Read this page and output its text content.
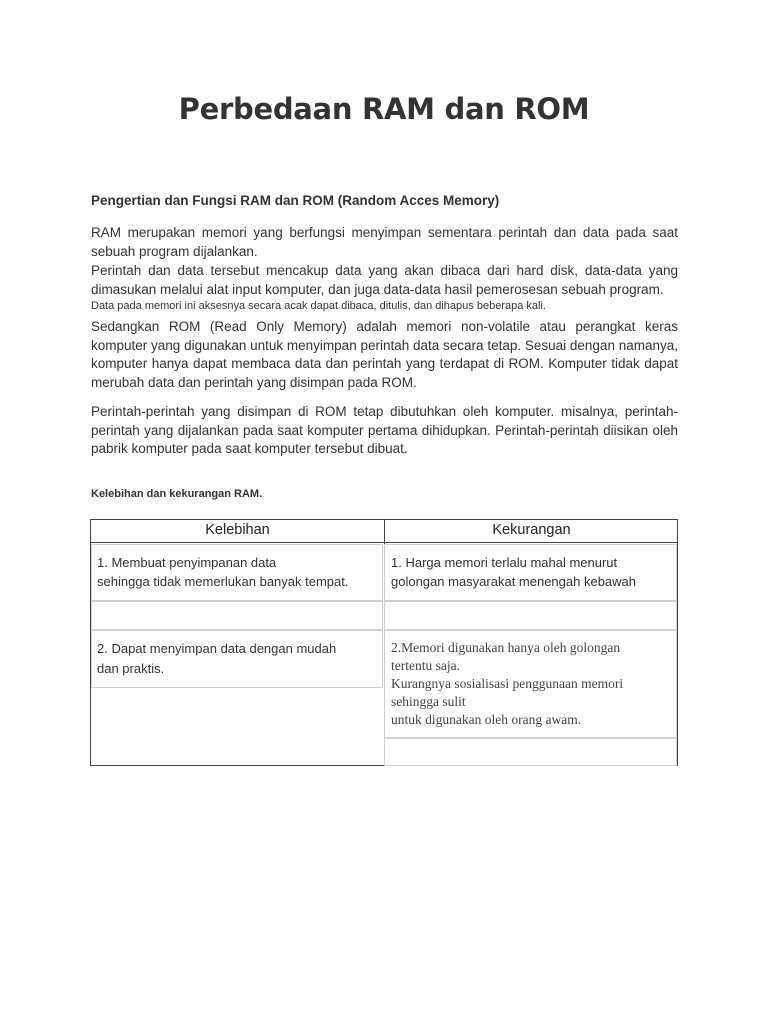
Perbedaan RAM dan ROM
Pengertian dan Fungsi RAM dan ROM (Random Acces Memory)

RAM merupakan memori yang berfungsi menyimpan sementara perintah dan data pada saat sebuah program dijalankan.

Perintah dan data tersebut mencakup data yang akan dibaca dari hard disk, data-data yang dimasukan melalui alat input komputer, dan juga data-data hasil pemerosesan sebuah program.

Data pada memori ini aksesnya secara acak dapat dibaca, ditulis, dan dihapus beberapa kali.

Sedangkan ROM (Read Only Memory) adalah memori non-volatile atau perangkat keras komputer yang digunakan untuk menyimpan perintah data secara tetap. Sesuai dengan namanya, komputer hanya dapat membaca data dan perintah yang terdapat di ROM. Komputer tidak dapat merubah data dan perintah yang disimpan pada ROM.

Perintah-perintah yang disimpan di ROM tetap dibutuhkan oleh komputer. misalnya, perintah-perintah yang dijalankan pada saat komputer pertama dihidupkan. Perintah-perintah diisikan oleh pabrik komputer pada saat komputer tersebut dibuat.

Kelebihan dan kekurangan RAM.
Kelebihan	Kekurangan

1. Membuat penyimpanan data

sehingga tidak memerlukan banyak tempat.

1. Harga memori terlalu mahal menurut

golongan masyarakat menengah kebawah

2. Dapat menyimpan data dengan mudah

dan praktis.

2.Memori digunakan hanya oleh golongan

tertentu saja.

Kurangnya sosialisasi penggunaan memori

sehingga sulit

untuk digunakan oleh orang awam.
